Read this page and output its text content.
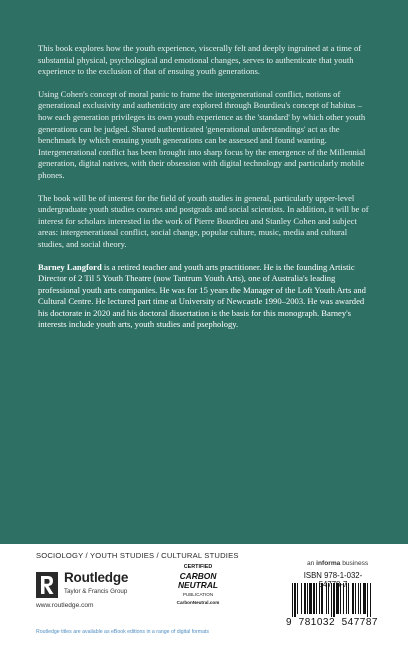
This book explores how the youth experience, viscerally felt and deeply ingrained at a time of substantial physical, psychological and emotional changes, serves to authenticate that youth experience to the exclusion of that of ensuing youth generations.

Using Cohen's concept of moral panic to frame the intergenerational conflict, notions of generational exclusivity and authenticity are explored through Bourdieu's concept of habitus – how each generation privileges its own youth experience as the 'standard' by which other youth generations can be judged. Shared authenticated 'generational understandings' act as the benchmark by which ensuing youth generations can be assessed and found wanting. Intergenerational conflict has been brought into sharp focus by the emergence of the Millennial generation, digital natives, with their obsession with digital technology and particularly mobile phones.

The book will be of interest for the field of youth studies in general, particularly upper-level undergraduate youth studies courses and postgrads and social scientists. In addition, it will be of interest for scholars interested in the work of Pierre Bourdieu and Stanley Cohen and subject areas: intergenerational conflict, social change, popular culture, music, media and cultural studies, and social theory.

Barney Langford is a retired teacher and youth arts practitioner. He is the founding Artistic Director of 2 Til 5 Youth Theatre (now Tantrum Youth Arts), one of Australia's leading professional youth arts companies. He was for 15 years the Manager of the Loft Youth Arts and Cultural Centre. He lectured part time at University of Newcastle 1990–2003. He was awarded his doctorate in 2020 and his doctoral dissertation is the basis for this monograph. Barney's interests include youth arts, youth studies and psephology.

SOCIOLOGY / YOUTH STUDIES / CULTURAL STUDIES
Routledge
Taylor & Francis Group
www.routledge.com
CERTIFIED
CARBON
NEUTRAL
PUBLICATION
CarbonNeutral.com
an informa business
ISBN 978-1-032-547 8-7
9 781032 547787
Routledge titles are available as eBook editions in a range of digital formats
